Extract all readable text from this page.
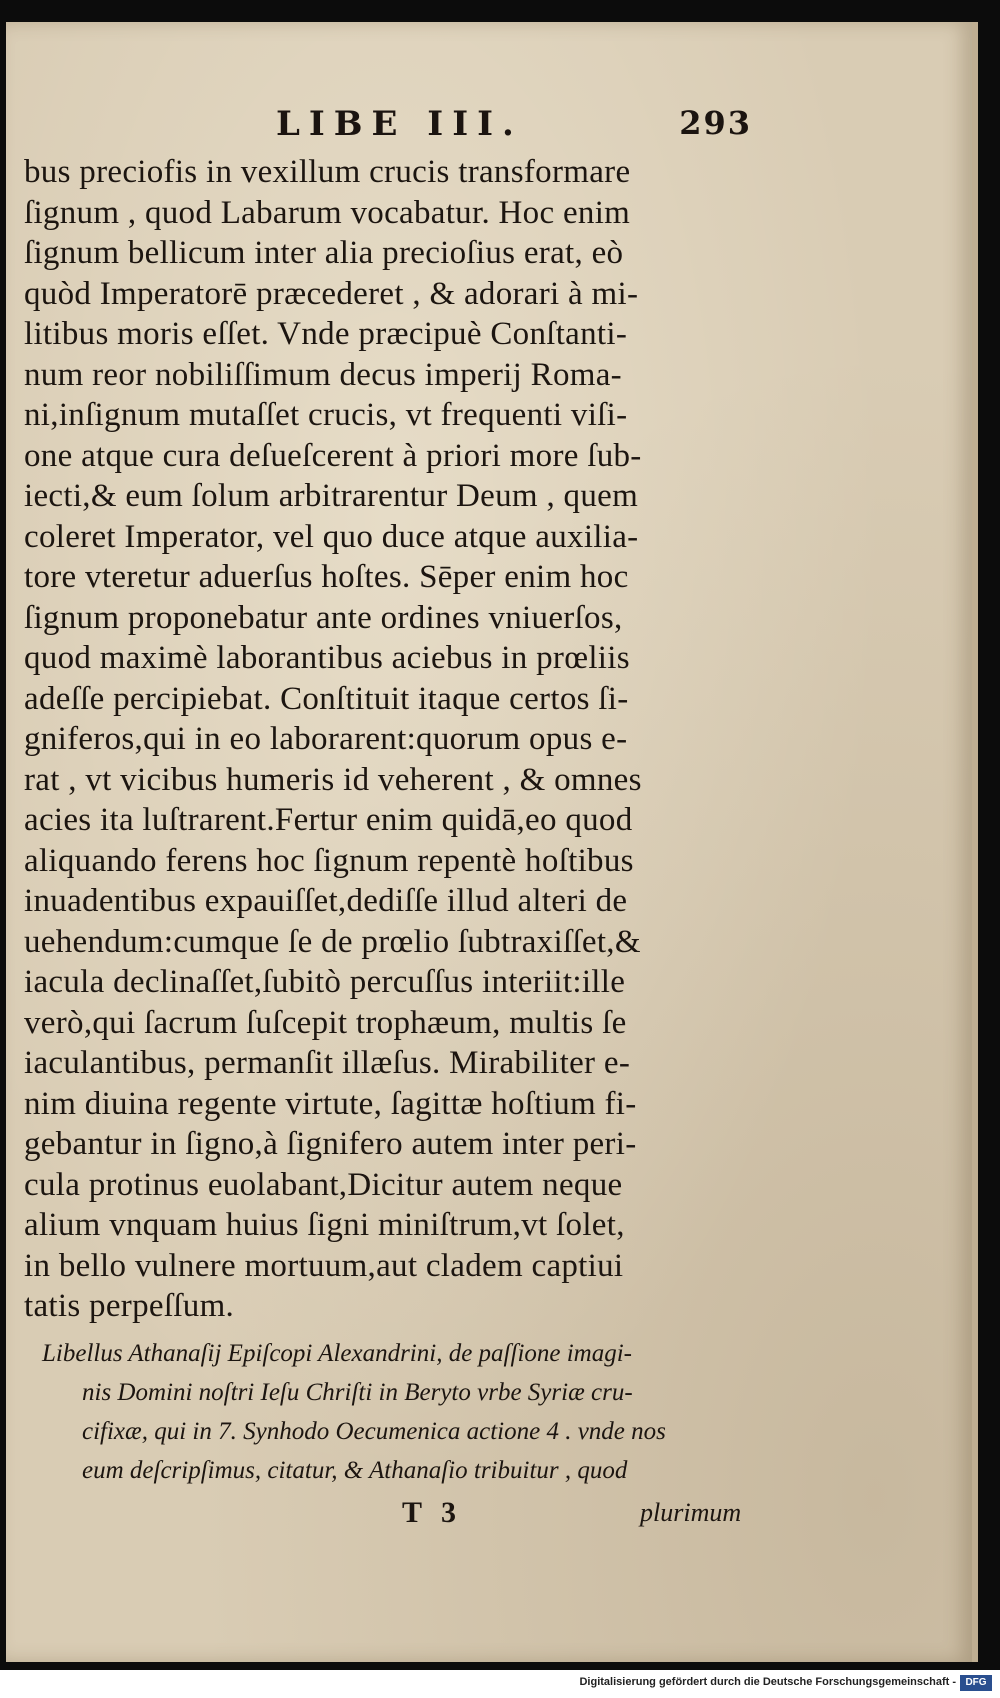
LIBE III.	293
bus preciofis in vexillum crucis transformare
ſignum , quod Labarum vocabatur. Hoc enim
ſignum bellicum inter alia precioſius erat, eò
quòd Imperatorē præcederet , & adorari à mi-
litibus moris eſſet. Vnde præcipuè Conſtanti-
num reor nobiliſſimum decus imperij Roma-
ni,inſignum mutaſſet crucis, vt frequenti viſi-
one atque cura deſueſcerent à priori more ſub-
iecti,& eum ſolum arbitrarentur Deum , quem
coleret Imperator, vel quo duce atque auxilia-
tore vteretur aduerſus hoſtes. Sēper enim hoc
ſignum proponebatur ante ordines vniuerſos,
quod maximè laborantibus aciebus in prœliis
adeſſe percipiebat. Conſtituit itaque certos ſi-
gniferos,qui in eo laborarent:quorum opus e-
rat , vt vicibus humeris id veherent , & omnes
acies ita luſtrarent.Fertur enim quidā,eo quod
aliquando ferens hoc ſignum repentè hoſtibus
inuadentibus expauiſſet,dediſſe illud alteri de
uehendum:cumque ſe de prœlio ſubtraxiſſet,&
iacula declinaſſet,ſubitò percuſſus interiit:ille
verò,qui ſacrum ſuſcepit trophæum, multis ſe
iaculantibus, permanſit illæſus. Mirabiliter e-
nim diuina regente virtute, ſagittæ hoſtium fi-
gebantur in ſigno,à ſignifero autem inter peri-
cula protinus euolabant,Dicitur autem neque
alium vnquam huius ſigni miniſtrum,vt ſolet,
in bello vulnere mortuum,aut cladem captiui
tatis perpeſſum.
Libellus Athanaſij Epiſcopi Alexandrini, de paſſione imagi-
nis Domini noſtri Ieſu Chriſti in Beryto vrbe Syriæ cru-
cifixæ, qui in 7. Synhodo Oecumenica actione 4 . vnde nos
eum deſcripſimus, citatur, & Athanaſio tribuitur , quod
T 3	plurimum
Digitalisierung gefördert durch die Deutsche Forschungsgemeinschaft - DFG
